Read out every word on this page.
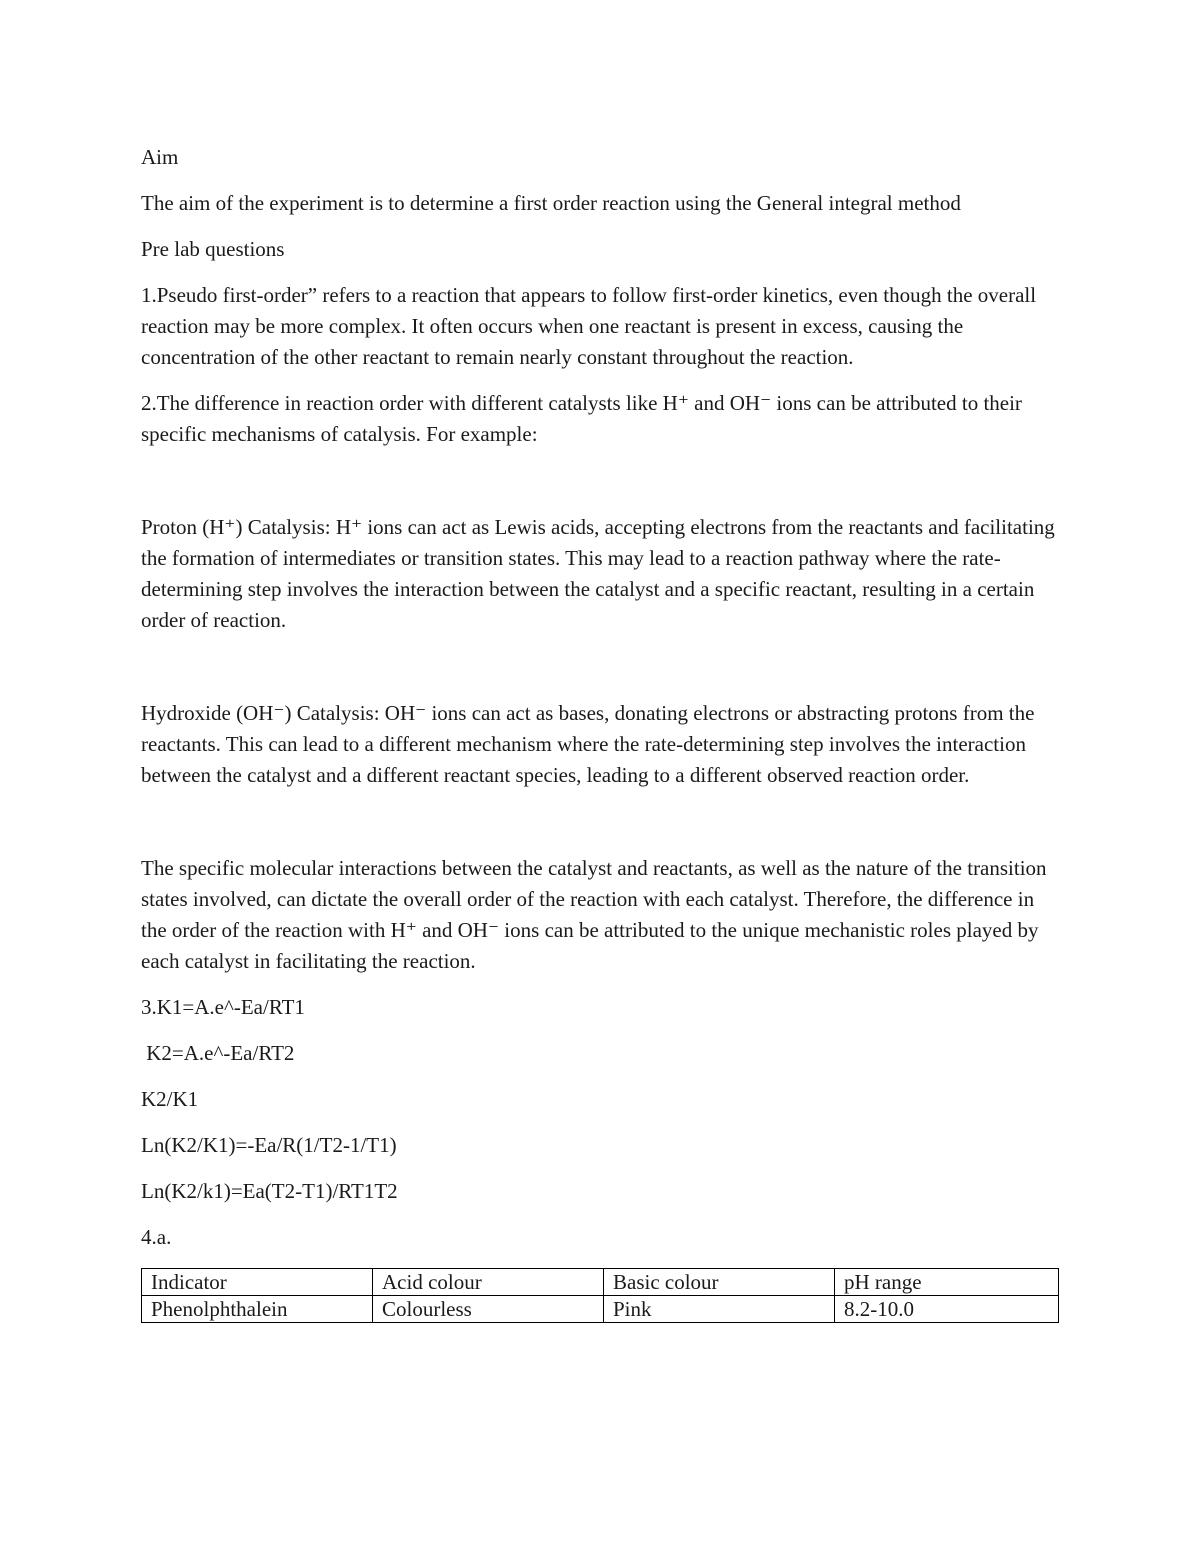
Aim

The aim of the experiment is to determine a first order reaction using the General integral method

Pre lab questions

1.Pseudo first-order” refers to a reaction that appears to follow first-order kinetics, even though the overall reaction may be more complex. It often occurs when one reactant is present in excess, causing the concentration of the other reactant to remain nearly constant throughout the reaction.

2.The difference in reaction order with different catalysts like H⁺ and OH⁻ ions can be attributed to their specific mechanisms of catalysis. For example:

Proton (H⁺) Catalysis: H⁺ ions can act as Lewis acids, accepting electrons from the reactants and facilitating the formation of intermediates or transition states. This may lead to a reaction pathway where the rate-determining step involves the interaction between the catalyst and a specific reactant, resulting in a certain order of reaction.

Hydroxide (OH⁻) Catalysis: OH⁻ ions can act as bases, donating electrons or abstracting protons from the reactants. This can lead to a different mechanism where the rate-determining step involves the interaction between the catalyst and a different reactant species, leading to a different observed reaction order.

The specific molecular interactions between the catalyst and reactants, as well as the nature of the transition states involved, can dictate the overall order of the reaction with each catalyst. Therefore, the difference in the order of the reaction with H⁺ and OH⁻ ions can be attributed to the unique mechanistic roles played by each catalyst in facilitating the reaction.

3.K1=A.e^-Ea/RT1

K2=A.e^-Ea/RT2

K2/K1

Ln(K2/K1)=-Ea/R(1/T2-1/T1)

Ln(K2/k1)=Ea(T2-T1)/RT1T2

4.a.

Indicator	Acid colour	Basic colour	pH range
Phenolphthalein	Colourless	Pink	8.2-10.0
